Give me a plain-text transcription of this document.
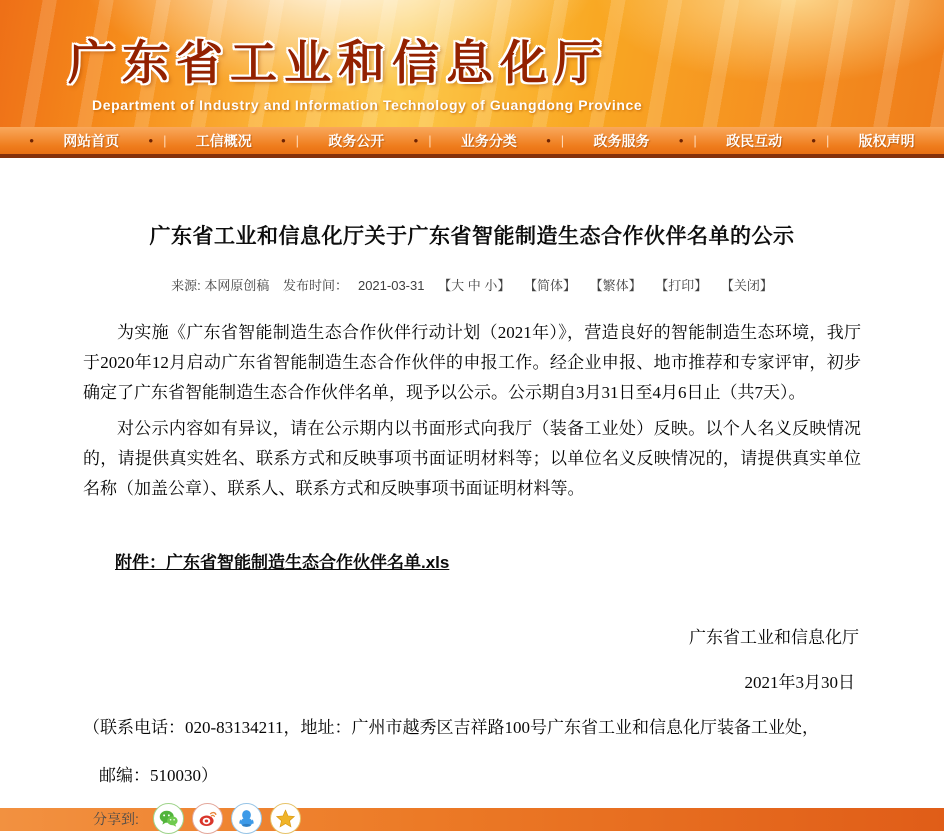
广东省工业和信息化厅
Department of Industry and Information Technology of Guangdong Province
• 网站首页 • | 工信概况 • | 政务公开 • | 业务分类 • | 政务服务 • | 政民互动 • | 版权声明
广东省工业和信息化厅关于广东省智能制造生态合作伙伴名单的公示
来源: 本网原创稿 发布时间： 2021-03-31 【大 中 小】 【简体】 【繁体】 【打印】 【关闭】

为实施《广东省智能制造生态合作伙伴行动计划（2021年）》，营造良好的智能制造生态环境，我厅于2020年12月启动广东省智能制造生态合作伙伴的申报工作。经企业申报、地市推荐和专家评审，初步确定了广东省智能制造生态合作伙伴名单，现予以公示。公示期自3月31日至4月6日止（共7天）。

对公示内容如有异议，请在公示期内以书面形式向我厅（装备工业处）反映。以个人名义反映情况的，请提供真实姓名、联系方式和反映事项书面证明材料等；以单位名义反映情况的，请提供真实单位名称（加盖公章）、联系人、联系方式和反映事项书面证明材料等。

附件：广东省智能制造生态合作伙伴名单.xls
广东省工业和信息化厅
2021年3月30日
（联系电话：020-83134211，地址：广州市越秀区吉祥路100号广东省工业和信息化厅装备工业处，
邮编：510030）
分享到:
